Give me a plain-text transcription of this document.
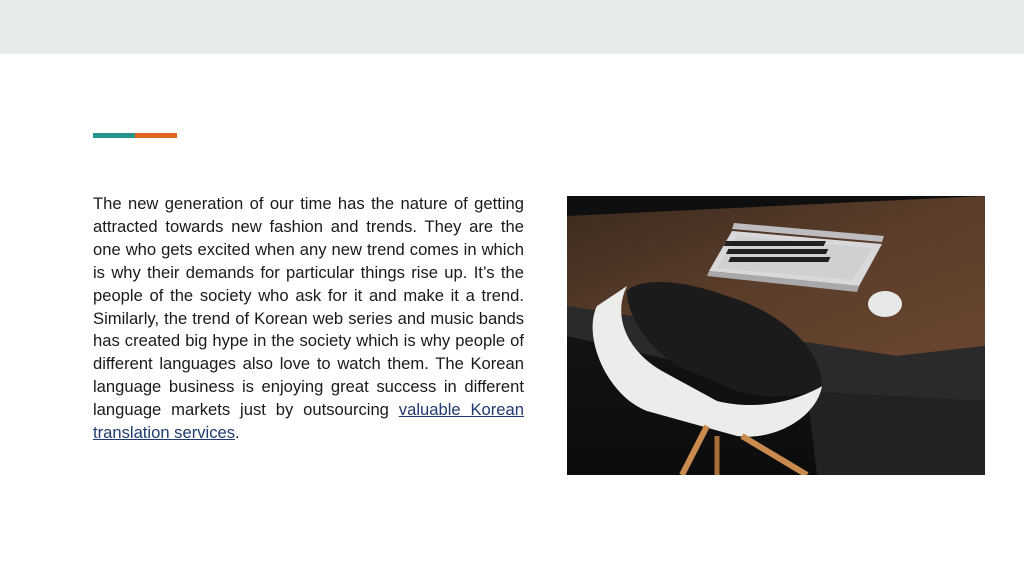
The new generation of our time has the nature of getting attracted towards new fashion and trends. They are the one who gets excited when any new trend comes in which is why their demands for particular things rise up. It’s the people of the society who ask for it and make it a trend. Similarly, the trend of Korean web series and music bands has created big hype in the society which is why people of different languages also love to watch them. The Korean language business is enjoying great success in different language markets just by outsourcing valuable Korean translation services.
